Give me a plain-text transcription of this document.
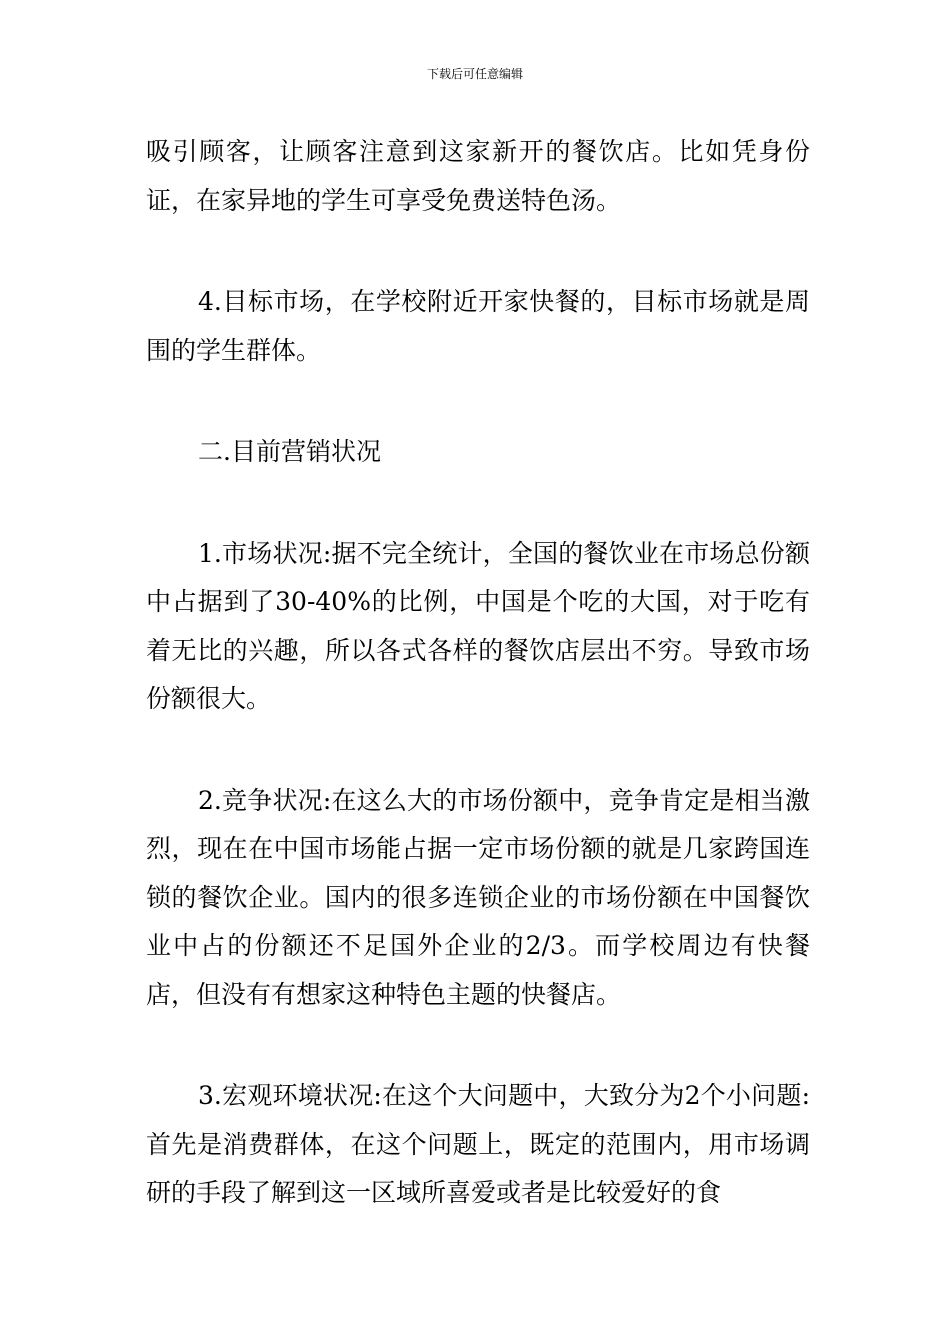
下载后可任意编辑

吸引顾客，让顾客注意到这家新开的餐饮店。比如凭身份证，在家异地的学生可享受免费送特色汤。

4.目标市场，在学校附近开家快餐的，目标市场就是周围的学生群体。

二.目前营销状况

1.市场状况:据不完全统计，全国的餐饮业在市场总份额中占据到了30-40%的比例，中国是个吃的大国，对于吃有着无比的兴趣，所以各式各样的餐饮店层出不穷。导致市场份额很大。

2.竞争状况:在这么大的市场份额中，竞争肯定是相当激烈，现在在中国市场能占据一定市场份额的就是几家跨国连锁的餐饮企业。国内的很多连锁企业的市场份额在中国餐饮业中占的份额还不足国外企业的2/3。而学校周边有快餐店，但没有有想家这种特色主题的快餐店。

3.宏观环境状况:在这个大问题中，大致分为2个小问题:首先是消费群体，在这个问题上，既定的范围内，用市场调研的手段了解到这一区域所喜爱或者是比较爱好的食
